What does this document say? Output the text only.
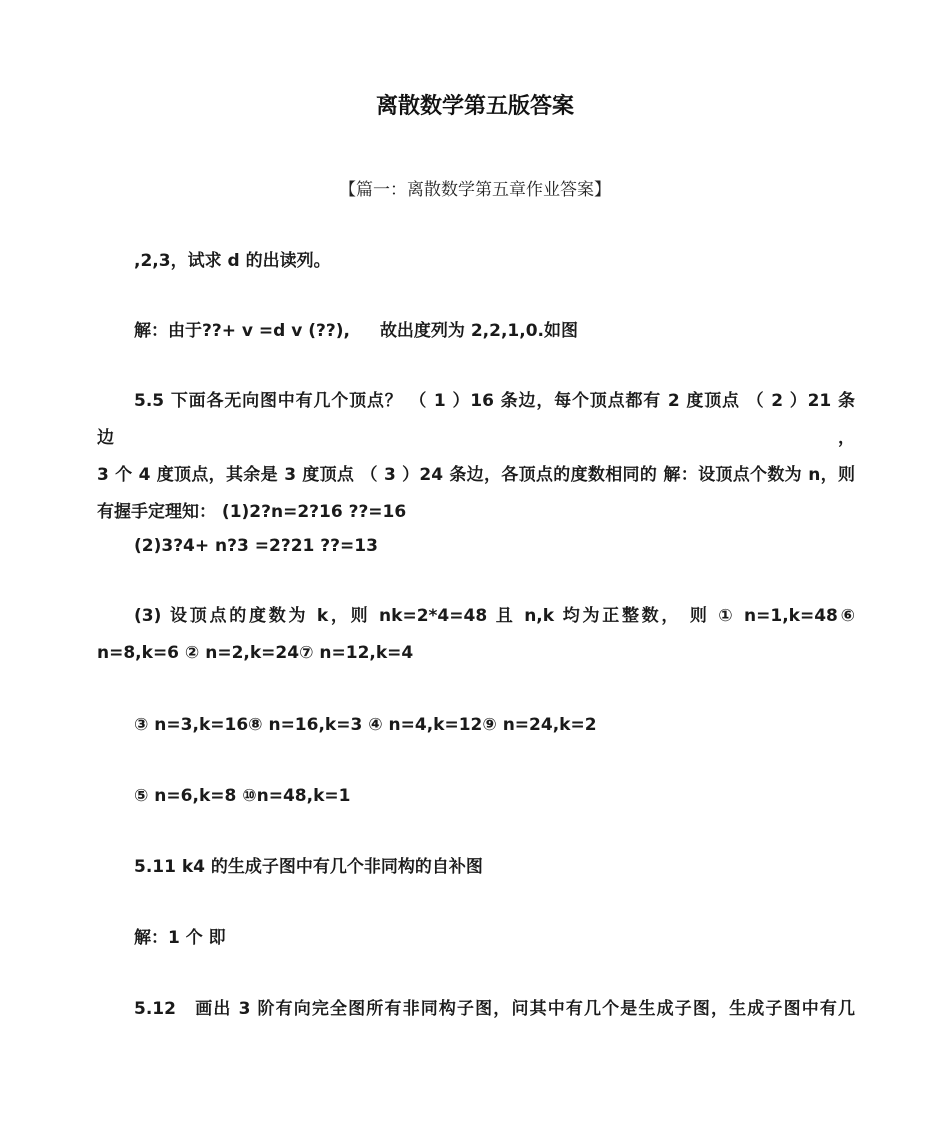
离散数学第五版答案
【篇一：离散数学第五章作业答案】
,2,3，试求 d 的出读列。
解：由于??+ v =d v (??), 故出度列为 2,2,1,0.如图
5.5 下面各无向图中有几个顶点？ （ 1 ）16 条边，每个顶点都有 2 度顶点 （ 2 ）21 条边，
3 个 4 度顶点，其余是 3 度顶点 （ 3 ）24 条边，各顶点的度数相同的 解：设顶点个数为 n，则
有握手定理知： (1)2?n=2?16 ??=16
(2)3?4+ n?3 =2?21 ??=13
(3) 设顶点的度数为 k，则 nk=2*4=48 且 n,k 均为正整数， 则 ① n=1,k=48⑥
n=8,k=6 ② n=2,k=24⑦ n=12,k=4
③ n=3,k=16⑧ n=16,k=3 ④ n=4,k=12⑨ n=24,k=2
⑤ n=6,k=8 ⑩n=48,k=1
5.11 k4 的生成子图中有几个非同构的自补图
解：1 个 即
5.12　画出 3 阶有向完全图所有非同构子图，问其中有几个是生成子图，生成子图中有几
